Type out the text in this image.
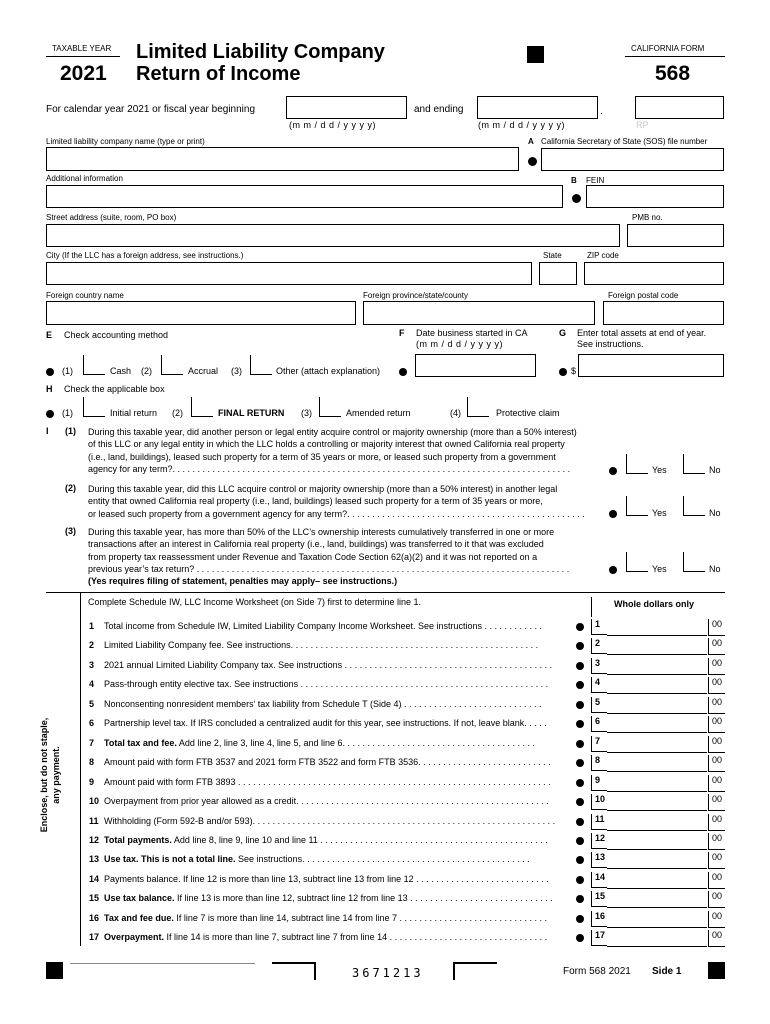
TAXABLE YEAR
2021
Limited Liability Company
Return of Income
CALIFORNIA FORM
568
For calendar year 2021 or fiscal year beginning
(m m / d d / y y y y)
and ending	.
(m m / d d / y y y y)	RP
Limited liability company name (type or print)	A California Secretary of State (SOS) file number
Additional information	B FEIN
Street address (suite, room, PO box)	PMB no.
City (If the LLC has a foreign address, see instructions.)	State	ZIP code
Foreign country name	Foreign province/state/county	Foreign postal code
E Check accounting method	F Date business started in CA
(m m / d d / y y y y)
G Enter total assets at end of year.
See instructions.
(1)	Cash (2)	Accrual (3)	Other (attach explanation)	$
H Check the applicable box
(1)	Initial return (2)	FINAL RETURN (3)	Amended return	(4)	Protective claim
I (1) During this taxable year, did another person or legal entity acquire control or majority ownership (more than a 50% interest)
of this LLC or any legal entity in which the LLC holds a controlling or majority interest that owned California real property
(i.e., land, buildings), leased such property for a term of 35 years or more, or leased such property from a government
agency for any term?. . . . . . . . . . . . . . . . . . . . . . . . . . . . . . . . . . . . . . . . . . . . . . . . . . . . . . . . . . . . . . . . . . . . . . . . . . . . . . . .	Yes	No
(2) During this taxable year, did this LLC acquire control or majority ownership (more than a 50% interest) in another legal
entity that owned California real property (i.e., land, buildings) leased such property for a term of 35 years or more,
or leased such property from a government agency for any term?. . . . . . . . . . . . . . . . . . . . . . . . . . . . . . . . . . . . . . . . . . . . . . . .	Yes	No
(3) During this taxable year, has more than 50% of the LLC’s ownership interests cumulatively transferred in one or more
transactions after an interest in California real property (i.e., land, buildings) was transferred to it that was excluded
from property tax reassessment under Revenue and Taxation Code Section 62(a)(2) and it was not reported on a
previous year’s tax return? . . . . . . . . . . . . . . . . . . . . . . . . . . . . . . . . . . . . . . . . . . . . . . . . . . . . . . . . . . . . . . . . . . . . . . . . . . .
(Yes requires filing of statement, penalties may apply– see instructions.)
Yes	No
Enclose, but do not staple, any payment.
Complete Schedule IW, LLC Income Worksheet (on Side 7) first to determine line 1.	Whole dollars only
1 Total income from Schedule IW, Limited Liability Company Income Worksheet. See instructions . . . . . . . . . . . .	1	00
2 Limited Liability Company fee. See instructions. . . . . . . . . . . . . . . . . . . . . . . . . . . . . . . . . . . . . . . . . . . . . . . . . .	2	00
3 2021 annual Limited Liability Company tax. See instructions . . . . . . . . . . . . . . . . . . . . . . . . . . . . . . . . . . . . . . . . . .	3	00
4 Pass-through entity elective tax. See instructions . . . . . . . . . . . . . . . . . . . . . . . . . . . . . . . . . . . . . . . . . . . . . . . . . .	4	00
5 Nonconsenting nonresident members’ tax liability from Schedule T (Side 4) . . . . . . . . . . . . . . . . . . . . . . . . . . . .	5	00
6 Partnership level tax. If IRS concluded a centralized audit for this year, see instructions. If not, leave blank. . . . .	6	00
7 Total tax and fee. Add line 2, line 3, line 4, line 5, and line 6. . . . . . . . . . . . . . . . . . . . . . . . . . . . . . . . . . . . . . .	7	00
8 Amount paid with form FTB 3537 and 2021 form FTB 3522 and form FTB 3536. . . . . . . . . . . . . . . . . . . . . . . . . . .	8	00
9 Amount paid with form FTB 3893 . . . . . . . . . . . . . . . . . . . . . . . . . . . . . . . . . . . . . . . . . . . . . . . . . . . . . . . . . . . . . . .	9	00
10 Overpayment from prior year allowed as a credit. . . . . . . . . . . . . . . . . . . . . . . . . . . . . . . . . . . . . . . . . . . . . . . . . . .	10	00
11 Withholding (Form 592-B and/or 593). . . . . . . . . . . . . . . . . . . . . . . . . . . . . . . . . . . . . . . . . . . . . . . . . . . . . . . . . . . . .	11	00
12 Total payments. Add line 8, line 9, line 10 and line 11 . . . . . . . . . . . . . . . . . . . . . . . . . . . . . . . . . . . . . . . . . . . . . .	12	00
13 Use tax. This is not a total line. See instructions. . . . . . . . . . . . . . . . . . . . . . . . . . . . . . . . . . . . . . . . . . . . . .	13	00
14 Payments balance. If line 12 is more than line 13, subtract line 13 from line 12 . . . . . . . . . . . . . . . . . . . . . . . . . . .	14	00
15 Use tax balance. If line 13 is more than line 12, subtract line 12 from line 13 . . . . . . . . . . . . . . . . . . . . . . . . . . . . .	15	00
16 Tax and fee due. If line 7 is more than line 14, subtract line 14 from line 7 . . . . . . . . . . . . . . . . . . . . . . . . . . . . . .	16	00
17 Overpayment. If line 14 is more than line 7, subtract line 7 from line 14 . . . . . . . . . . . . . . . . . . . . . . . . . . . . . . . .	17	00
3671213	Form 568 2021 Side 1
